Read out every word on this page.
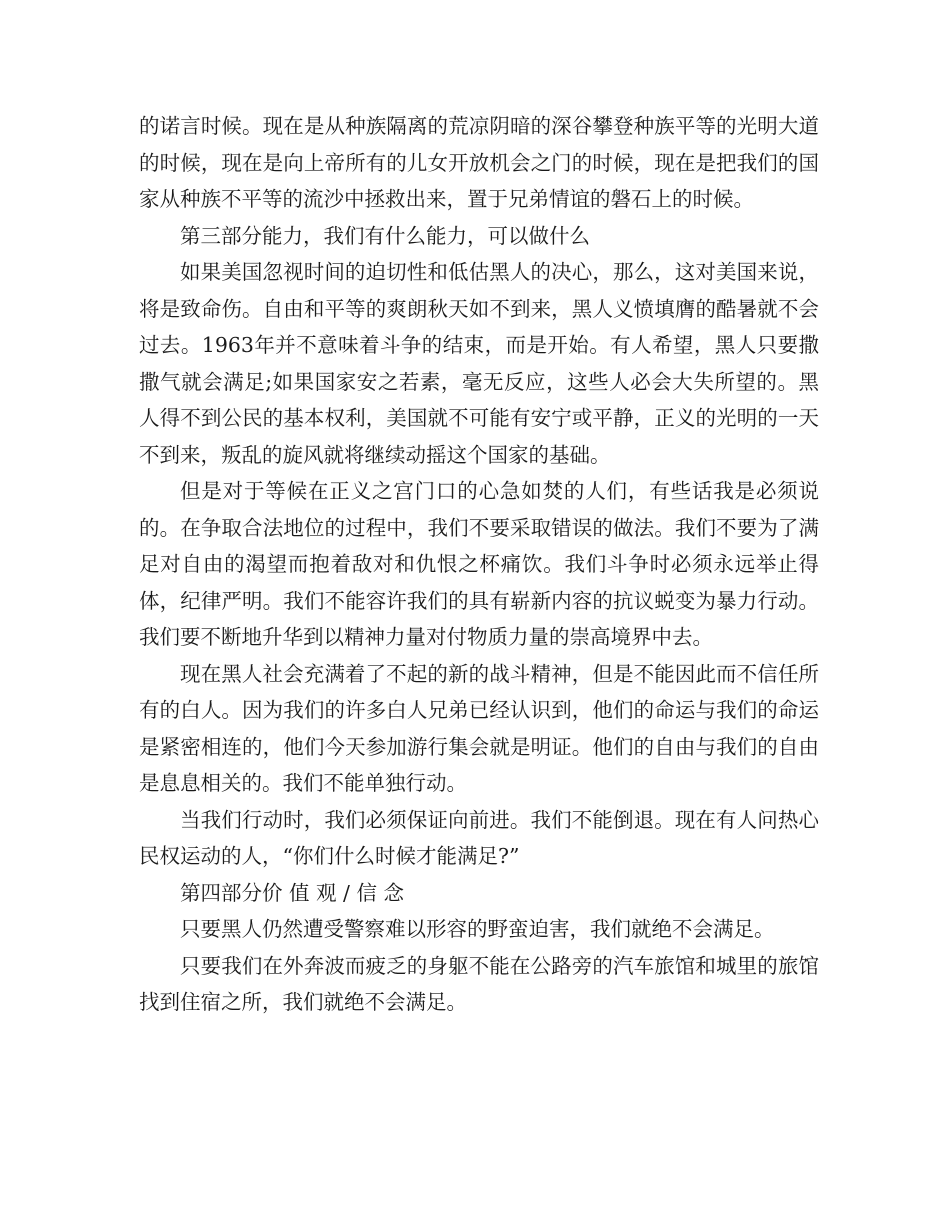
的诺言时候。现在是从种族隔离的荒凉阴暗的深谷攀登种族平等的光明大道的时候，现在是向上帝所有的儿女开放机会之门的时候，现在是把我们的国家从种族不平等的流沙中拯救出来，置于兄弟情谊的磐石上的时候。

第三部分能力，我们有什么能力，可以做什么

如果美国忽视时间的迫切性和低估黑人的决心，那么，这对美国来说，将是致命伤。自由和平等的爽朗秋天如不到来，黑人义愤填膺的酷暑就不会过去。1963年并不意味着斗争的结束，而是开始。有人希望，黑人只要撒撒气就会满足;如果国家安之若素，毫无反应，这些人必会大失所望的。黑人得不到公民的基本权利，美国就不可能有安宁或平静，正义的光明的一天不到来，叛乱的旋风就将继续动摇这个国家的基础。

但是对于等候在正义之宫门口的心急如焚的人们，有些话我是必须说的。在争取合法地位的过程中，我们不要采取错误的做法。我们不要为了满足对自由的渴望而抱着敌对和仇恨之杯痛饮。我们斗争时必须永远举止得体，纪律严明。我们不能容许我们的具有崭新内容的抗议蜕变为暴力行动。我们要不断地升华到以精神力量对付物质力量的崇高境界中去。

现在黑人社会充满着了不起的新的战斗精神，但是不能因此而不信任所有的白人。因为我们的许多白人兄弟已经认识到，他们的命运与我们的命运是紧密相连的，他们今天参加游行集会就是明证。他们的自由与我们的自由是息息相关的。我们不能单独行动。

当我们行动时，我们必须保证向前进。我们不能倒退。现在有人问热心民权运动的人，“你们什么时候才能满足?”

第四部分价 值 观 / 信 念

只要黑人仍然遭受警察难以形容的野蛮迫害，我们就绝不会满足。

只要我们在外奔波而疲乏的身躯不能在公路旁的汽车旅馆和城里的旅馆找到住宿之所，我们就绝不会满足。
